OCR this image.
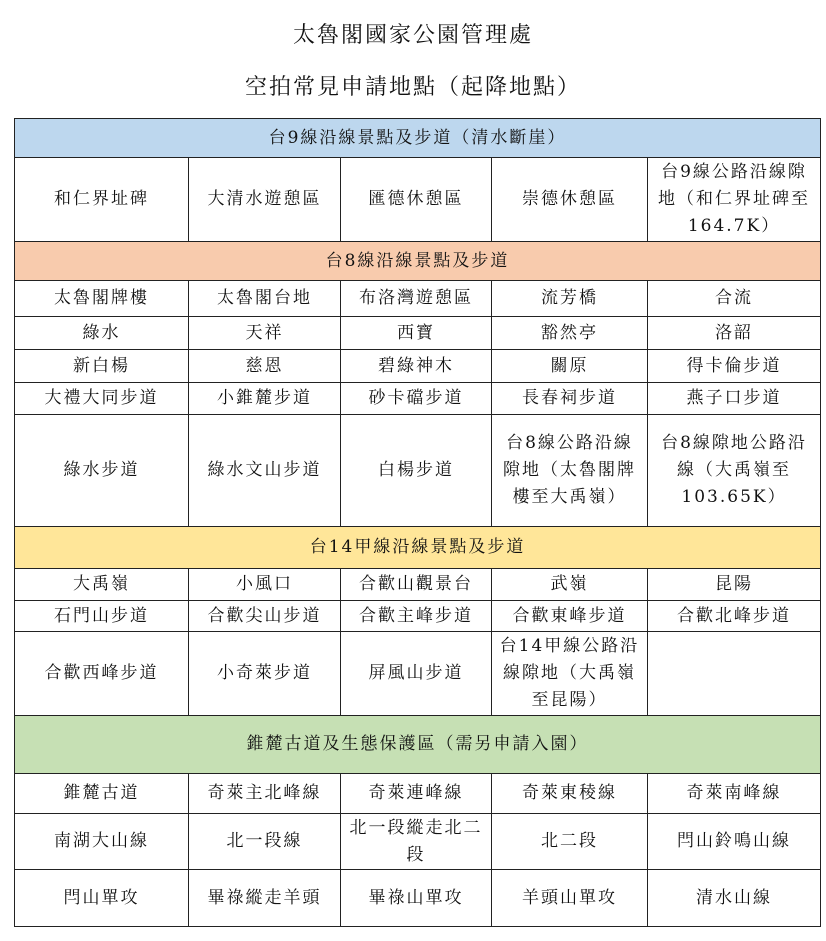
太魯閣國家公園管理處
空拍常見申請地點（起降地點）
台9線沿線景點及步道（清水斷崖）				
和仁界址碑	大清水遊憩區	匯德休憩區	崇德休憩區	台9線公路沿線隙地（和仁界址碑至164.7K）
台8線沿線景點及步道				
太魯閣牌樓	太魯閣台地	布洛灣遊憩區	流芳橋	合流
綠水	天祥	西寶	豁然亭	洛韶
新白楊	慈恩	碧綠神木	關原	得卡倫步道
大禮大同步道	小錐麓步道	砂卡礑步道	長春祠步道	燕子口步道
綠水步道	綠水文山步道	白楊步道	台8線公路沿線隙地（太魯閣牌樓至大禹嶺）	台8線隙地公路沿線（大禹嶺至103.65K）
台14甲線沿線景點及步道				
大禹嶺	小風口	合歡山觀景台	武嶺	昆陽
石門山步道	合歡尖山步道	合歡主峰步道	合歡東峰步道	合歡北峰步道
合歡西峰步道	小奇萊步道	屏風山步道	台14甲線公路沿線隙地（大禹嶺至昆陽）	
錐麓古道及生態保護區（需另申請入園）				
錐麓古道	奇萊主北峰線	奇萊連峰線	奇萊東稜線	奇萊南峰線
南湖大山線	北一段線	北一段縱走北二段	北二段	閂山鈴鳴山線
閂山單攻	畢祿縱走羊頭	畢祿山單攻	羊頭山單攻	清水山線
